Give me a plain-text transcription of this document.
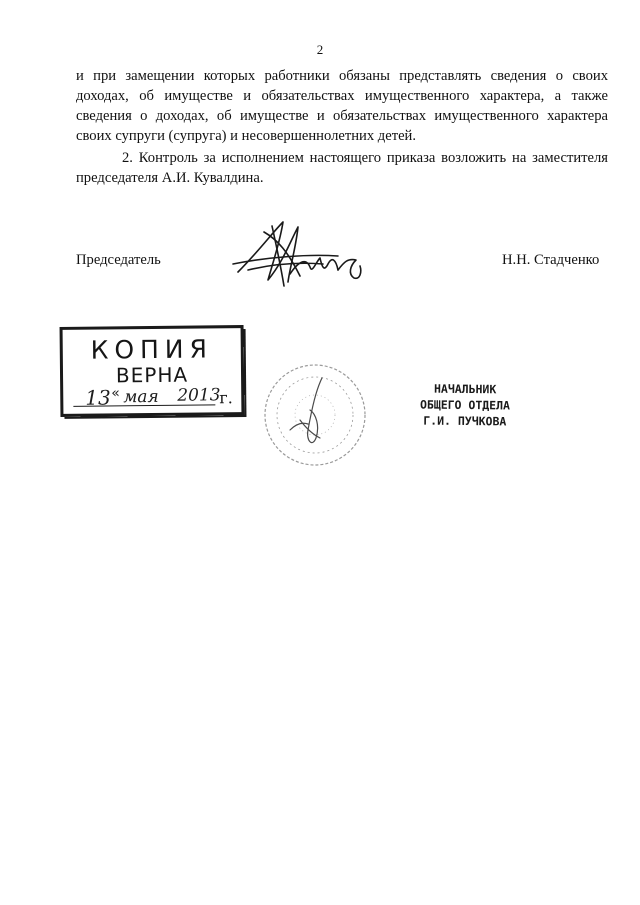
2

и при замещении которых работники обязаны представлять сведения о своих доходах, об имуществе и обязательствах имущественного характера, а также сведения о доходах, об имуществе и обязательствах имущественного характера своих супруги (супруга) и несовершеннолетних детей.

2. Контроль за исполнением настоящего приказа возложить на заместителя председателя А.И. Кувалдина.

Председатель	Н.Н. Стадченко
КОПИЯ
ВЕРНА
13 « мая 2013
г.	НАЧАЛЬНИК
ОБЩЕГО ОТДЕЛА
Г.И. ПУЧКОВА
